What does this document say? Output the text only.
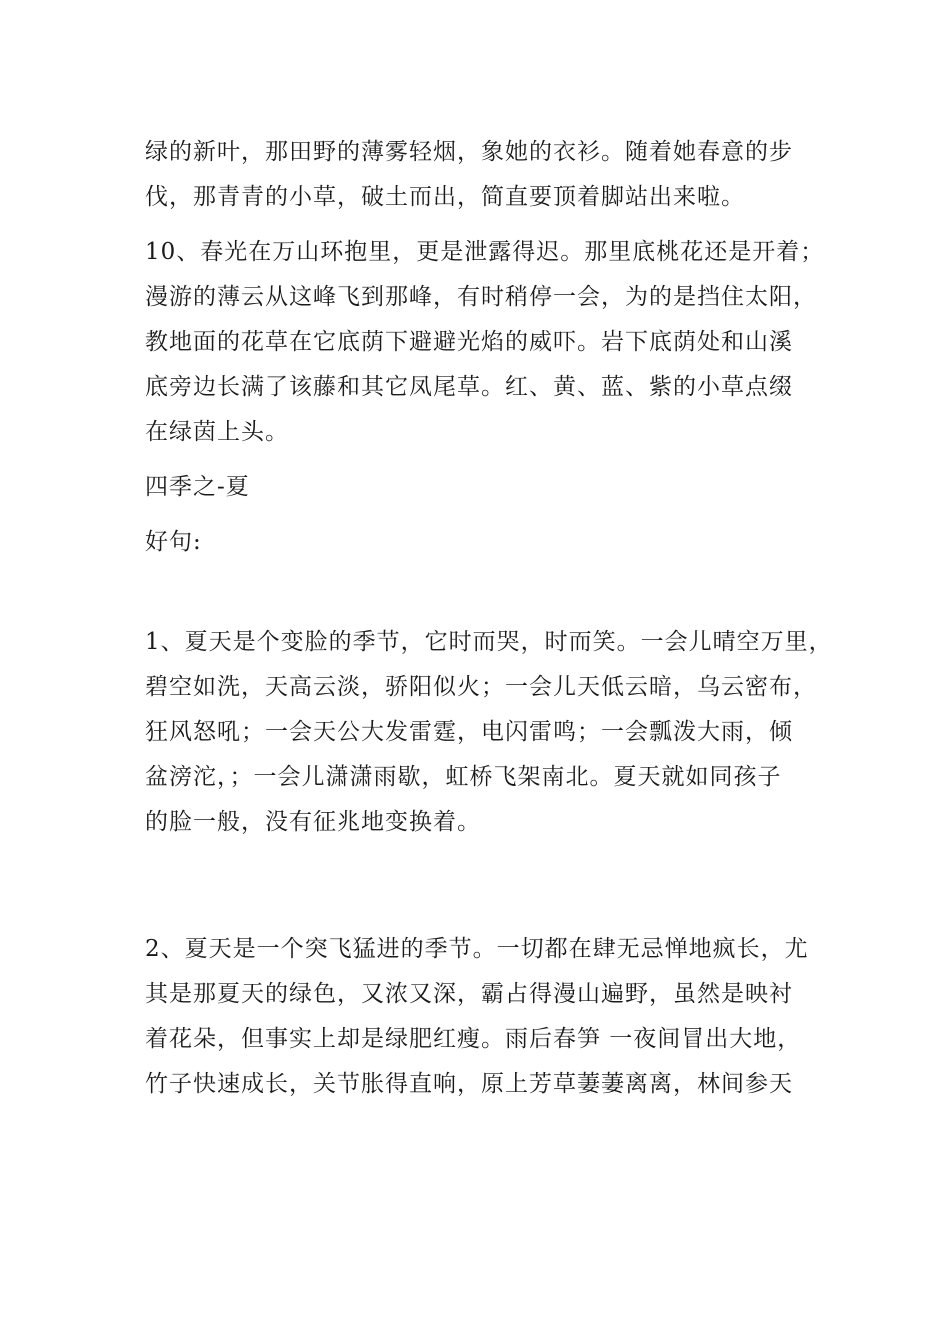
绿的新叶，那田野的薄雾轻烟，象她的衣衫。随着她春意的步
伐，那青青的小草，破土而出，简直要顶着脚站出来啦。

10、春光在万山环抱里，更是泄露得迟。那里底桃花还是开着；
漫游的薄云从这峰飞到那峰，有时稍停一会，为的是挡住太阳，
教地面的花草在它底荫下避避光焰的威吓。岩下底荫处和山溪
底旁边长满了该藤和其它凤尾草。红、黄、蓝、紫的小草点缀
在绿茵上头。

四季之-夏

好句:

1、夏天是个变脸的季节，它时而哭，时而笑。一会儿晴空万里，
碧空如洗，天高云淡，骄阳似火；一会儿天低云暗，乌云密布，
狂风怒吼；一会天公大发雷霆，电闪雷鸣；一会瓢泼大雨，倾
盆滂沱，；一会儿潇潇雨歇，虹桥飞架南北。夏天就如同孩子
的脸一般，没有征兆地变换着。

2、夏天是一个突飞猛进的季节。一切都在肆无忌惮地疯长，尤
其是那夏天的绿色，又浓又深，霸占得漫山遍野，虽然是映衬
着花朵，但事实上却是绿肥红瘦。雨后春笋 一夜间冒出大地，
竹子快速成长，关节胀得直响，原上芳草萋萋离离，林间参天
